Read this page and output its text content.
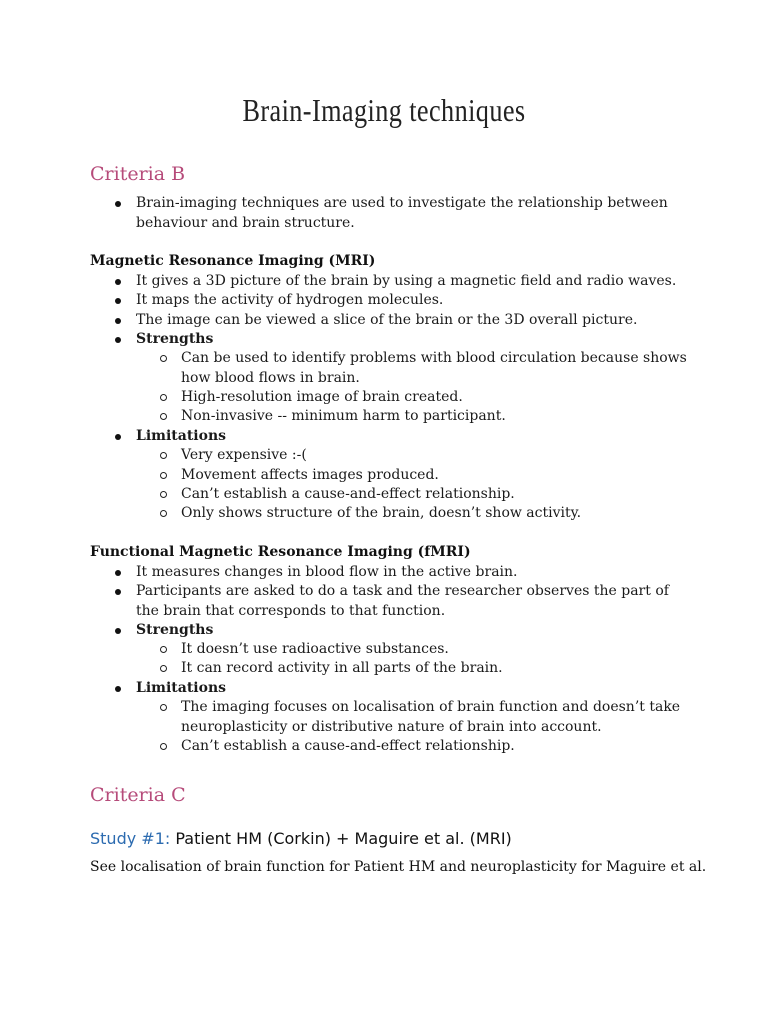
Brain-Imaging techniques
Criteria B
Brain-imaging techniques are used to investigate the relationship between behaviour and brain structure.
Magnetic Resonance Imaging (MRI)
It gives a 3D picture of the brain by using a magnetic field and radio waves.
It maps the activity of hydrogen molecules.
The image can be viewed a slice of the brain or the 3D overall picture.
Strengths
Can be used to identify problems with blood circulation because shows how blood flows in brain.
High-resolution image of brain created.
Non-invasive -- minimum harm to participant.
Limitations
Very expensive :-(
Movement affects images produced.
Can’t establish a cause-and-effect relationship.
Only shows structure of the brain, doesn’t show activity.
Functional Magnetic Resonance Imaging (fMRI)
It measures changes in blood flow in the active brain.
Participants are asked to do a task and the researcher observes the part of the brain that corresponds to that function.
Strengths
It doesn’t use radioactive substances.
It can record activity in all parts of the brain.
Limitations
The imaging focuses on localisation of brain function and doesn’t take neuroplasticity or distributive nature of brain into account.
Can’t establish a cause-and-effect relationship.
Criteria C
Study #1: Patient HM (Corkin) + Maguire et al. (MRI)
See localisation of brain function for Patient HM and neuroplasticity for Maguire et al.
